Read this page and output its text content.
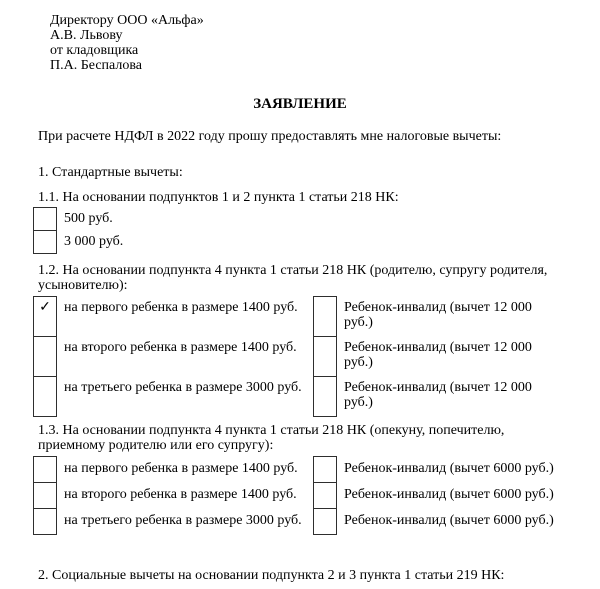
Директору ООО «Альфа»
А.В. Львову
от кладовщика
П.А. Беспалова
ЗАЯВЛЕНИЕ
При расчете НДФЛ в 2022 году прошу предоставлять мне налоговые вычеты:
1. Стандартные вычеты:
1.1. На основании подпунктов 1 и 2 пункта 1 статьи 218 НК:
500 руб.
3 000 руб.
1.2. На основании подпункта 4 пункта 1 статьи 218 НК (родителю, супругу родителя, усыновителю):
✓ на первого ребенка в размере 1400 руб.	Ребенок-инвалид (вычет 12 000 руб.)
на второго ребенка в размере 1400 руб.	Ребенок-инвалид (вычет 12 000 руб.)
на третьего ребенка в размере 3000 руб.	Ребенок-инвалид (вычет 12 000 руб.)
1.3. На основании подпункта 4 пункта 1 статьи 218 НК (опекуну, попечителю, приемному родителю или его супругу):
на первого ребенка в размере 1400 руб.	Ребенок-инвалид (вычет 6000 руб.)
на второго ребенка в размере 1400 руб.	Ребенок-инвалид (вычет 6000 руб.)
на третьего ребенка в размере 3000 руб.	Ребенок-инвалид (вычет 6000 руб.)
2. Социальные вычеты на основании подпункта 2 и 3 пункта 1 статьи 219 НК:
